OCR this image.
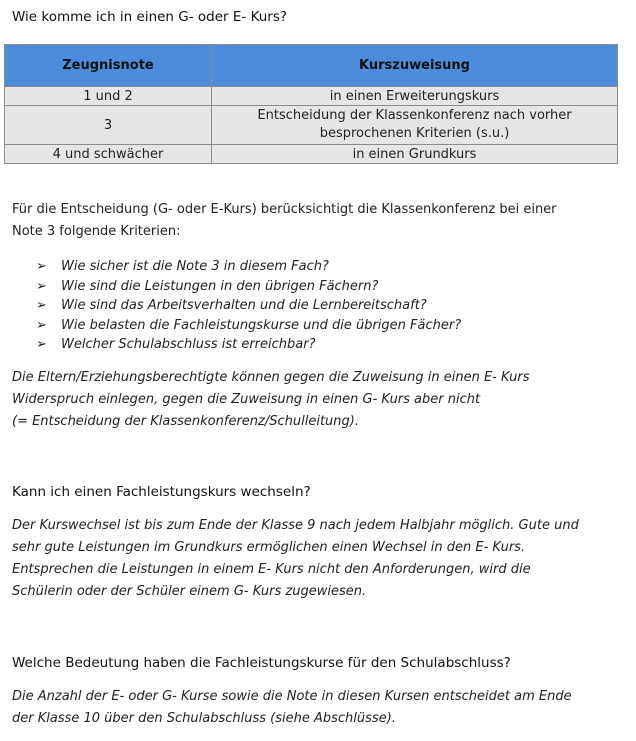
Wie komme ich in einen G- oder E- Kurs?
Zeugnisnote	Kurszuweisung
1 und 2	in einen Erweiterungskurs
3	Entscheidung der Klassenkonferenz nach vorher
besprochenen Kriterien (s.u.)

4 und schwächer	in einen Grundkurs
Für die Entscheidung (G- oder E-Kurs) berücksichtigt die Klassenkonferenz bei einer
Note 3 folgende Kriterien:
➢ Wie sicher ist die Note 3 in diesem Fach?
➢ Wie sind die Leistungen in den übrigen Fächern?
➢ Wie sind das Arbeitsverhalten und die Lernbereitschaft?
➢ Wie belasten die Fachleistungskurse und die übrigen Fächer?
➢ Welcher Schulabschluss ist erreichbar?
Die Eltern/Erziehungsberechtigte können gegen die Zuweisung in einen E- Kurs
Widerspruch einlegen, gegen die Zuweisung in einen G- Kurs aber nicht
(= Entscheidung der Klassenkonferenz/Schulleitung).
Kann ich einen Fachleistungskurs wechseln?
Der Kurswechsel ist bis zum Ende der Klasse 9 nach jedem Halbjahr möglich. Gute und
sehr gute Leistungen im Grundkurs ermöglichen einen Wechsel in den E- Kurs.
Entsprechen die Leistungen in einem E- Kurs nicht den Anforderungen, wird die
Schülerin oder der Schüler einem G- Kurs zugewiesen.
Welche Bedeutung haben die Fachleistungskurse für den Schulabschluss?
Die Anzahl der E- oder G- Kurse sowie die Note in diesen Kursen entscheidet am Ende
der Klasse 10 über den Schulabschluss (siehe Abschlüsse).
